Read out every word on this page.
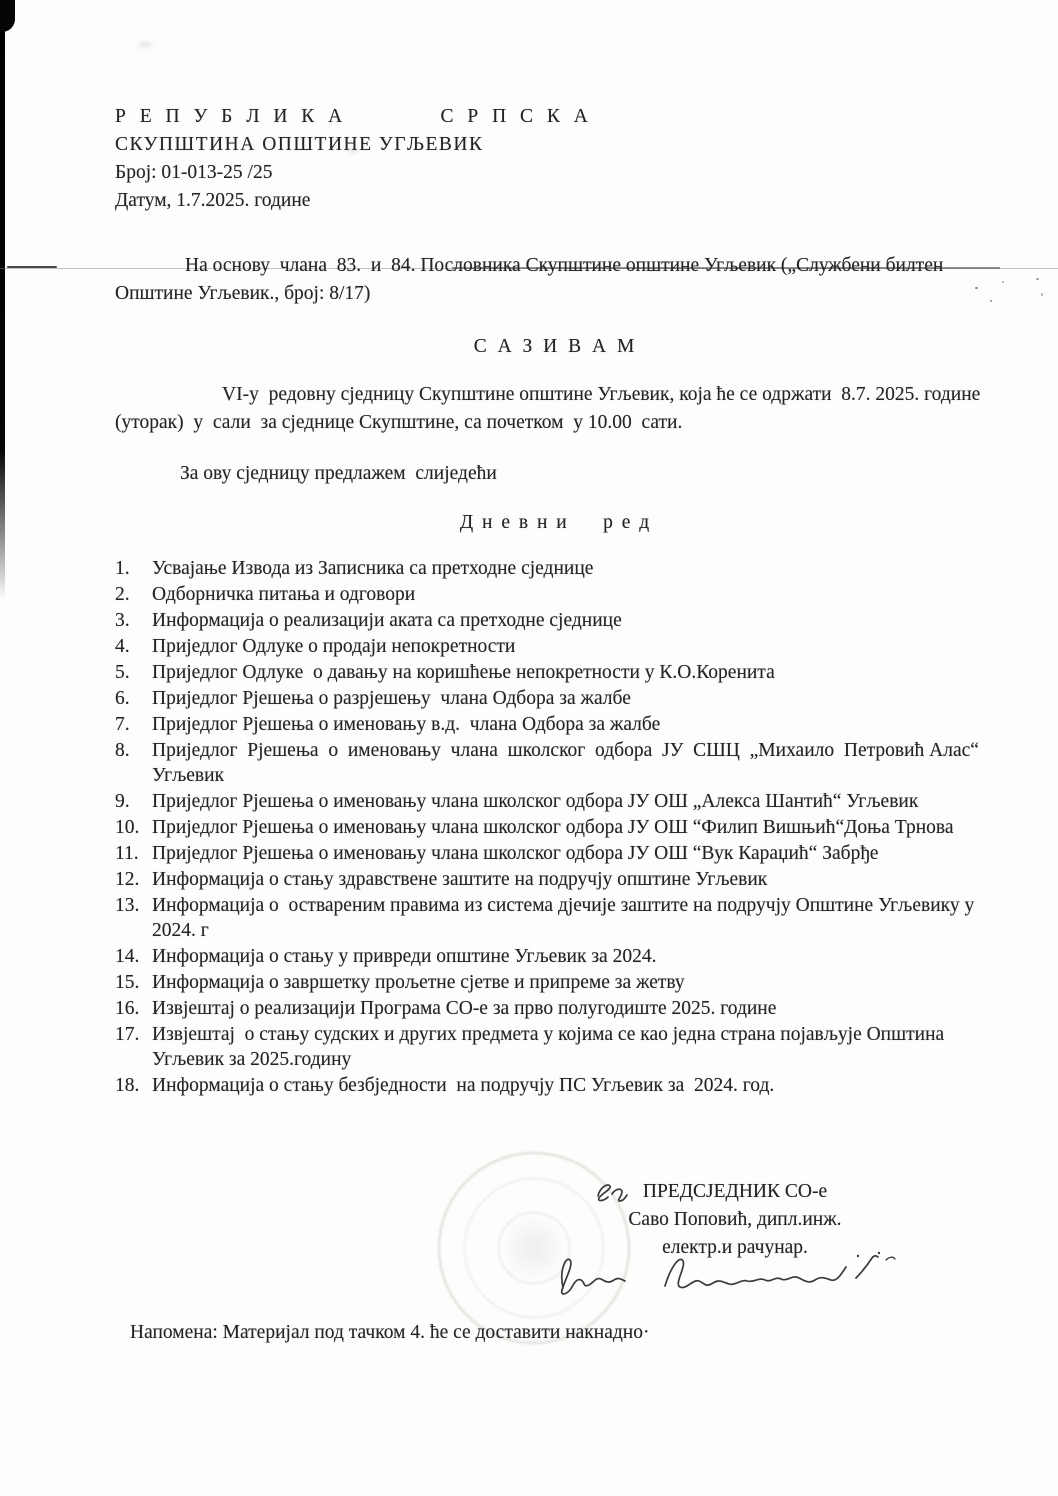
Р Е П У Б Л И К А          С Р П С К А
СКУПШТИНА ОПШТИНЕ УГЉЕВИК
Број: 01-013-25 /25
Датум, 1.7.2025. године

На основу  члана  83.  и  84. Пословника Скупштине општине Угљевик („Службени билтен Општине Угљевик., број: 8/17)

С А З И В А М

VI-у  редовну сједницу Скупштине општине Угљевик, која ће се одржати  8.7. 2025. године  (уторак)  у  сали  за сједнице Скупштине, са почетком  у 10.00  сати.

За ову сједницу предлажем  слиједећи

Д н е в н и     р е д

Усвајање Извода из Записника са претходне сједнице
Одборничка питања и одговори
Информација о реализацији аката са претходне сједнице
Приједлог Одлуке о продаји непокретности
Приједлог Одлуке  о давању на коришћење непокретности у К.О.Коренита
Приједлог Рјешења о разрјешењу  члана Одбора за жалбе
Приједлог Рјешења о именовању в.д.  члана Одбора за жалбе
Приједлог  Рјешења  о  именовању  члана  школског  одбора  ЈУ  СШЦ  „Михаило  Петровић Алас“ Угљевик
Приједлог Рјешења о именовању члана школског одбора ЈУ ОШ „Алекса Шантић“ Угљевик
Приједлог Рјешења о именовању члана школског одбора ЈУ ОШ “Филип Вишњић“Доња Трнова
Приједлог Рјешења о именовању члана школског одбора ЈУ ОШ “Вук Караџић“ Забрђе
Информација о стању здравствене заштите на подручју општине Угљевик
Информација о  оствареним правима из система дјечије заштите на подручју Општине Угљевику у 2024. г
Информација о стању у привреди општине Угљевик за 2024.
Информација о завршетку прољетне сјетве и припреме за жетву
Извјештај о реализацији Програма СО-е за прво полугодиште 2025. године
Извјештај  о стању судских и других предмета у којима се као једна страна појављује Општина Угљевик за 2025.годину
Информација о стању безбједности  на подручју ПС Угљевик за  2024. год.
ПРЕДСЈЕДНИК СО-е
Саво Поповић, дипл.инж.
електр.и рачунар.
Напомена: Материјал под тачком 4. ће се доставити накнадно·
